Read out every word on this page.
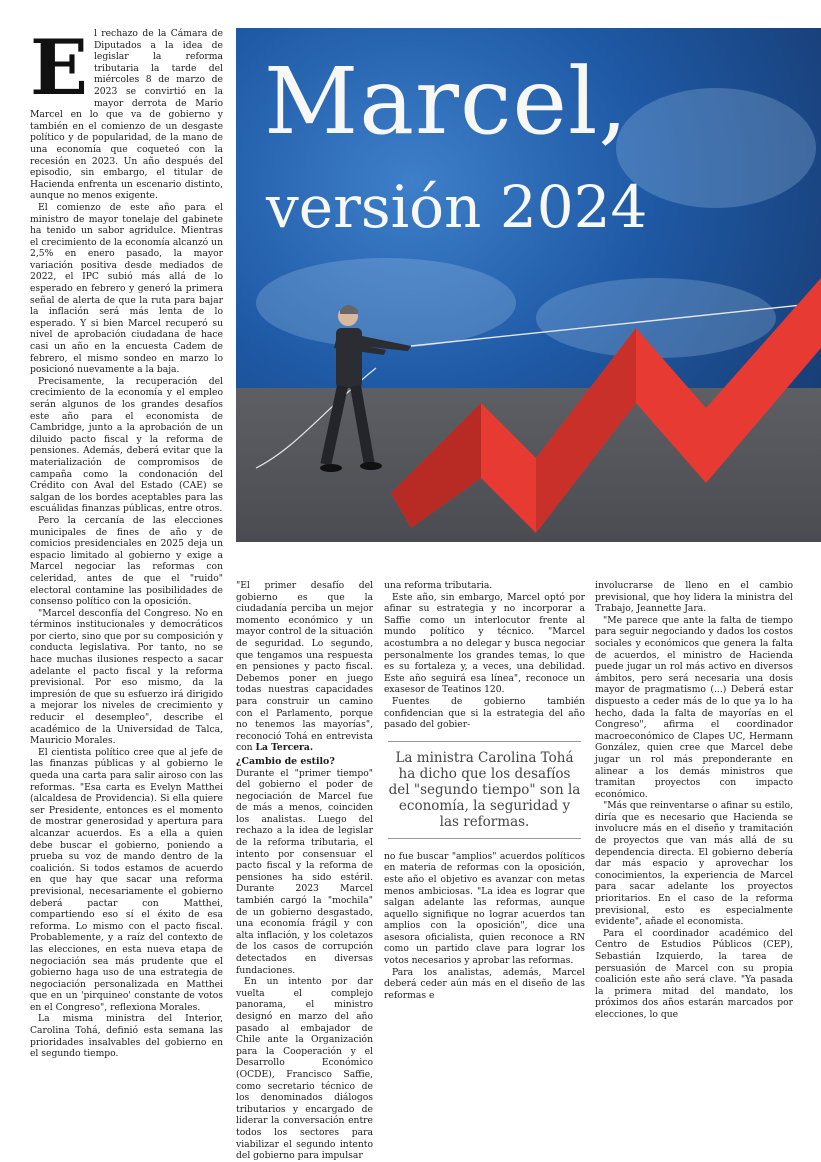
E l rechazo de la Cámara de Diputados a la idea de legislar la reforma tributaria la tarde del miércoles 8 de marzo de 2023 se convirtió en la mayor derrota de Mario Marcel en lo que va de gobierno y también en el comienzo de un desgaste político y de popularidad, de la mano de una economía que coqueteó con la recesión en 2023. Un año después del episodio, sin embargo, el titular de Hacienda enfrenta un escenario distinto, aunque no menos exigente.

El comienzo de este año para el ministro de mayor tonelaje del gabinete ha tenido un sabor agridulce. Mientras el crecimiento de la economía alcanzó un 2,5% en enero pasado, la mayor variación positiva desde mediados de 2022, el IPC subió más allá de lo esperado en febrero y generó la primera señal de alerta de que la ruta para bajar la inflación será más lenta de lo esperado. Y si bien Marcel recuperó su nivel de aprobación ciudadana de hace casi un año en la encuesta Cadem de febrero, el mismo sondeo en marzo lo posicionó nuevamente a la baja.

Precisamente, la recuperación del crecimiento de la economía y el empleo serán algunos de los grandes desafíos este año para el economista de Cambridge, junto a la aprobación de un diluido pacto fiscal y la reforma de pensiones. Además, deberá evitar que la materialización de compromisos de campaña como la condonación del Crédito con Aval del Estado (CAE) se salgan de los bordes aceptables para las escuálidas finanzas públicas, entre otros.

Pero la cercanía de las elecciones municipales de fines de año y de comicios presidenciales en 2025 deja un espacio limitado al gobierno y exige a Marcel negociar las reformas con celeridad, antes de que el "ruido" electoral contamine las posibilidades de consenso político con la oposición.

"Marcel desconfía del Congreso. No en términos institucionales y democráticos por cierto, sino que por su composición y conducta legislativa. Por tanto, no se hace muchas ilusiones respecto a sacar adelante el pacto fiscal y la reforma previsional. Por eso mismo, da la impresión de que su esfuerzo irá dirigido a mejorar los niveles de crecimiento y reducir el desempleo", describe el académico de la Universidad de Talca, Mauricio Morales.

El cientista político cree que al jefe de las finanzas públicas y al gobierno le queda una carta para salir airoso con las reformas. "Esa carta es Evelyn Matthei (alcaldesa de Providencia). Si ella quiere ser Presidente, entonces es el momento de mostrar generosidad y apertura para alcanzar acuerdos. Es a ella a quien debe buscar el gobierno, poniendo a prueba su voz de mando dentro de la coalición. Si todos estamos de acuerdo en que hay que sacar una reforma previsional, necesariamente el gobierno deberá pactar con Matthei, compartiendo eso sí el éxito de esa reforma. Lo mismo con el pacto fiscal. Probablemente, y a raíz del contexto de las elecciones, en esta nueva etapa de negociación sea más prudente que el gobierno haga uso de una estrategia de negociación personalizada en Matthei que en un 'pirquineo' constante de votos en el Congreso", reflexiona Morales.

La misma ministra del Interior, Carolina Tohá, definió esta semana las prioridades insalvables del gobierno en el segundo tiempo.

Marcel,
versión 2024

"El primer desafío del gobierno es que la ciudadanía perciba un mejor momento económico y un mayor control de la situación de seguridad. Lo segundo, que tengamos una respuesta en pensiones y pacto fiscal. Debemos poner en juego todas nuestras capacidades para construir un camino con el Parlamento, porque no tenemos las mayorías", reconoció Tohá en entrevista con La Tercera.

¿Cambio de estilo?

Durante el "primer tiempo" del gobierno el poder de negociación de Marcel fue de más a menos, coinciden los analistas. Luego del rechazo a la idea de legislar de la reforma tributaria, el intento por consensuar el pacto fiscal y la reforma de pensiones ha sido estéril. Durante 2023 Marcel también cargó la "mochila" de un gobierno desgastado, una economía frágil y con alta inflación, y los coletazos de los casos de corrupción detectados en diversas fundaciones.

En un intento por dar vuelta el complejo panorama, el ministro designó en marzo del año pasado al embajador de Chile ante la Organización para la Cooperación y el Desarrollo Económico (OCDE), Francisco Saffie, como secretario técnico de los denominados diálogos tributarios y encargado de liderar la conversación entre todos los sectores para viabilizar el segundo intento del gobierno para impulsar

una reforma tributaria.

Este año, sin embargo, Marcel optó por afinar su estrategia y no incorporar a Saffie como un interlocutor frente al mundo político y técnico. "Marcel acostumbra a no delegar y busca negociar personalmente los grandes temas, lo que es su fortaleza y, a veces, una debilidad. Este año seguirá esa línea", reconoce un exasesor de Teatinos 120.

Fuentes de gobierno también confidencian que si la estrategia del año pasado del gobier-

La ministra Carolina Tohá ha dicho que los desafíos del "segundo tiempo" son la economía, la seguridad y las reformas.

no fue buscar "amplios" acuerdos políticos en materia de reformas con la oposición, este año el objetivo es avanzar con metas menos ambiciosas. "La idea es lograr que salgan adelante las reformas, aunque aquello signifique no lograr acuerdos tan amplios con la oposición", dice una asesora oficialista, quien reconoce a RN como un partido clave para lograr los votos necesarios y aprobar las reformas.

Para los analistas, además, Marcel deberá ceder aún más en el diseño de las reformas e

involucrarse de lleno en el cambio previsional, que hoy lidera la ministra del Trabajo, Jeannette Jara.

"Me parece que ante la falta de tiempo para seguir negociando y dados los costos sociales y económicos que genera la falta de acuerdos, el ministro de Hacienda puede jugar un rol más activo en diversos ámbitos, pero será necesaria una dosis mayor de pragmatismo (...) Deberá estar dispuesto a ceder más de lo que ya lo ha hecho, dada la falta de mayorías en el Congreso", afirma el coordinador macroeconómico de Clapes UC, Hermann González, quien cree que Marcel debe jugar un rol más preponderante en alinear a los demás ministros que tramitan proyectos con impacto económico.

"Más que reinventarse o afinar su estilo, diría que es necesario que Hacienda se involucre más en el diseño y tramitación de proyectos que van más allá de su dependencia directa. El gobierno debería dar más espacio y aprovechar los conocimientos, la experiencia de Marcel para sacar adelante los proyectos prioritarios. En el caso de la reforma previsional, esto es especialmente evidente", añade el economista.

Para el coordinador académico del Centro de Estudios Públicos (CEP), Sebastián Izquierdo, la tarea de persuasión de Marcel con su propia coalición este año será clave. "Ya pasada la primera mitad del mandato, los próximos dos años estarán marcados por elecciones, lo que
